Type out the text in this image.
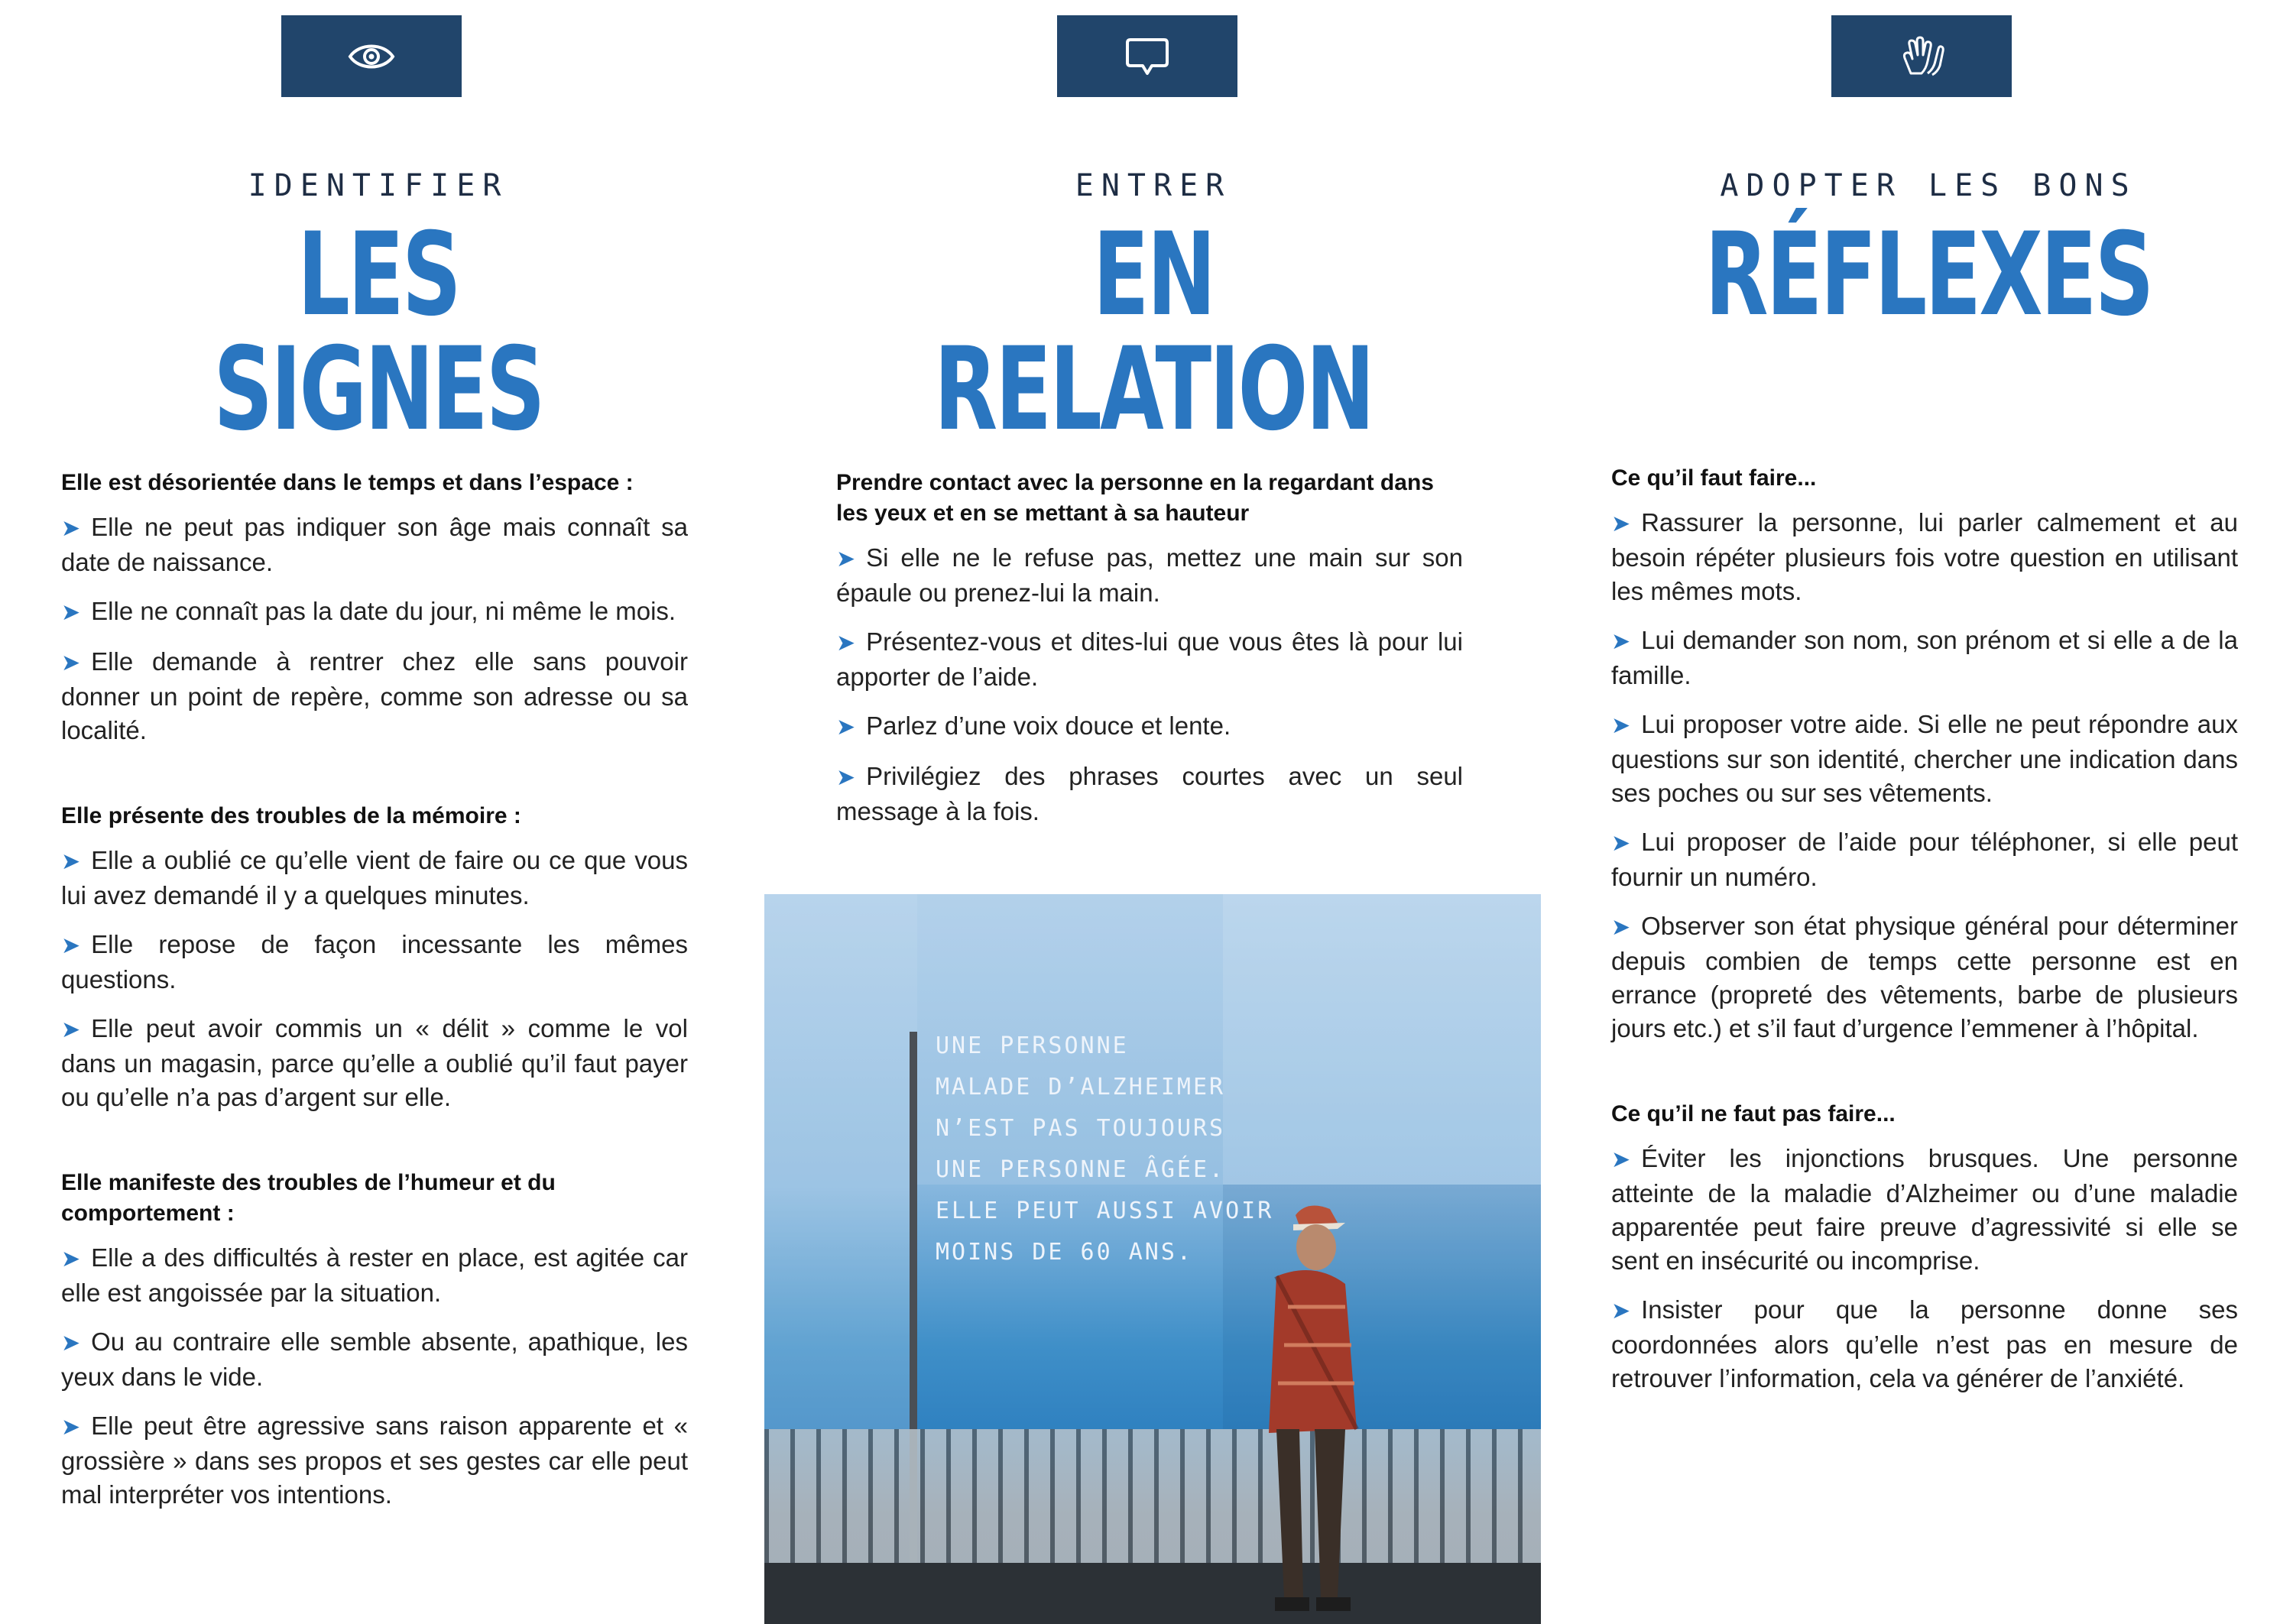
IDENTIFIER
LES SIGNES

Elle est désorientée dans le temps et dans l’espace :

➤ Elle ne peut pas indiquer son âge mais connaît sa date de naissance.

➤ Elle ne connaît pas la date du jour, ni même le mois.

➤ Elle demande à rentrer chez elle sans pouvoir donner un point de repère, comme son adresse ou sa localité.

Elle présente des troubles de la mémoire :

➤ Elle a oublié ce qu’elle vient de faire ou ce que vous lui avez demandé il y a quelques minutes.

➤ Elle repose de façon incessante les mêmes questions.

➤ Elle peut avoir commis un « délit » comme le vol dans un magasin, parce qu’elle a oublié qu’il faut payer ou qu’elle n’a pas d’argent sur elle.

Elle manifeste des troubles de l’humeur et du comportement :

➤ Elle a des difficultés à rester en place, est agitée car elle est angoissée par la situation.

➤ Ou au contraire elle semble absente, apathique, les yeux dans le vide.

➤ Elle peut être agressive sans raison apparente et « grossière » dans ses propos et ses gestes car elle peut mal interpréter vos intentions.

ENTRER
EN RELATION

Prendre contact avec la personne en la regardant dans les yeux et en se mettant à sa hauteur

➤ Si elle ne le refuse pas, mettez une main sur son épaule ou prenez-lui la main.

➤ Présentez-vous et dites-lui que vous êtes là pour lui apporter de l’aide.

➤ Parlez d’une voix douce et lente.

➤ Privilégiez des phrases courtes avec un seul message à la fois.

UNE PERSONNE
MALADE D’ALZHEIMER
N’EST PAS TOUJOURS
UNE PERSONNE ÂGÉE.
ELLE PEUT AUSSI AVOIR
MOINS DE 60 ANS.

ADOPTER LES BONS
RÉFLEXES

Ce qu’il faut faire...

➤ Rassurer la personne, lui parler calmement et au besoin répéter plusieurs fois votre question en utilisant les mêmes mots.

➤ Lui demander son nom, son prénom et si elle a de la famille.

➤ Lui proposer votre aide. Si elle ne peut répondre aux questions sur son identité, chercher une indication dans ses poches ou sur ses vêtements.

➤ Lui proposer de l’aide pour téléphoner, si elle peut fournir un numéro.

➤ Observer son état physique général pour déterminer depuis combien de temps cette personne est en errance (propreté des vêtements, barbe de plusieurs jours etc.) et s’il faut d’urgence l’emmener à l’hôpital.

Ce qu’il ne faut pas faire...

➤ Éviter les injonctions brusques. Une personne atteinte de la maladie d’Alzheimer ou d’une maladie apparentée peut faire preuve d’agressivité si elle se sent en insécurité ou incomprise.

➤ Insister pour que la personne donne ses coordonnées alors qu’elle n’est pas en mesure de retrouver l’information, cela va générer de l’anxiété.
